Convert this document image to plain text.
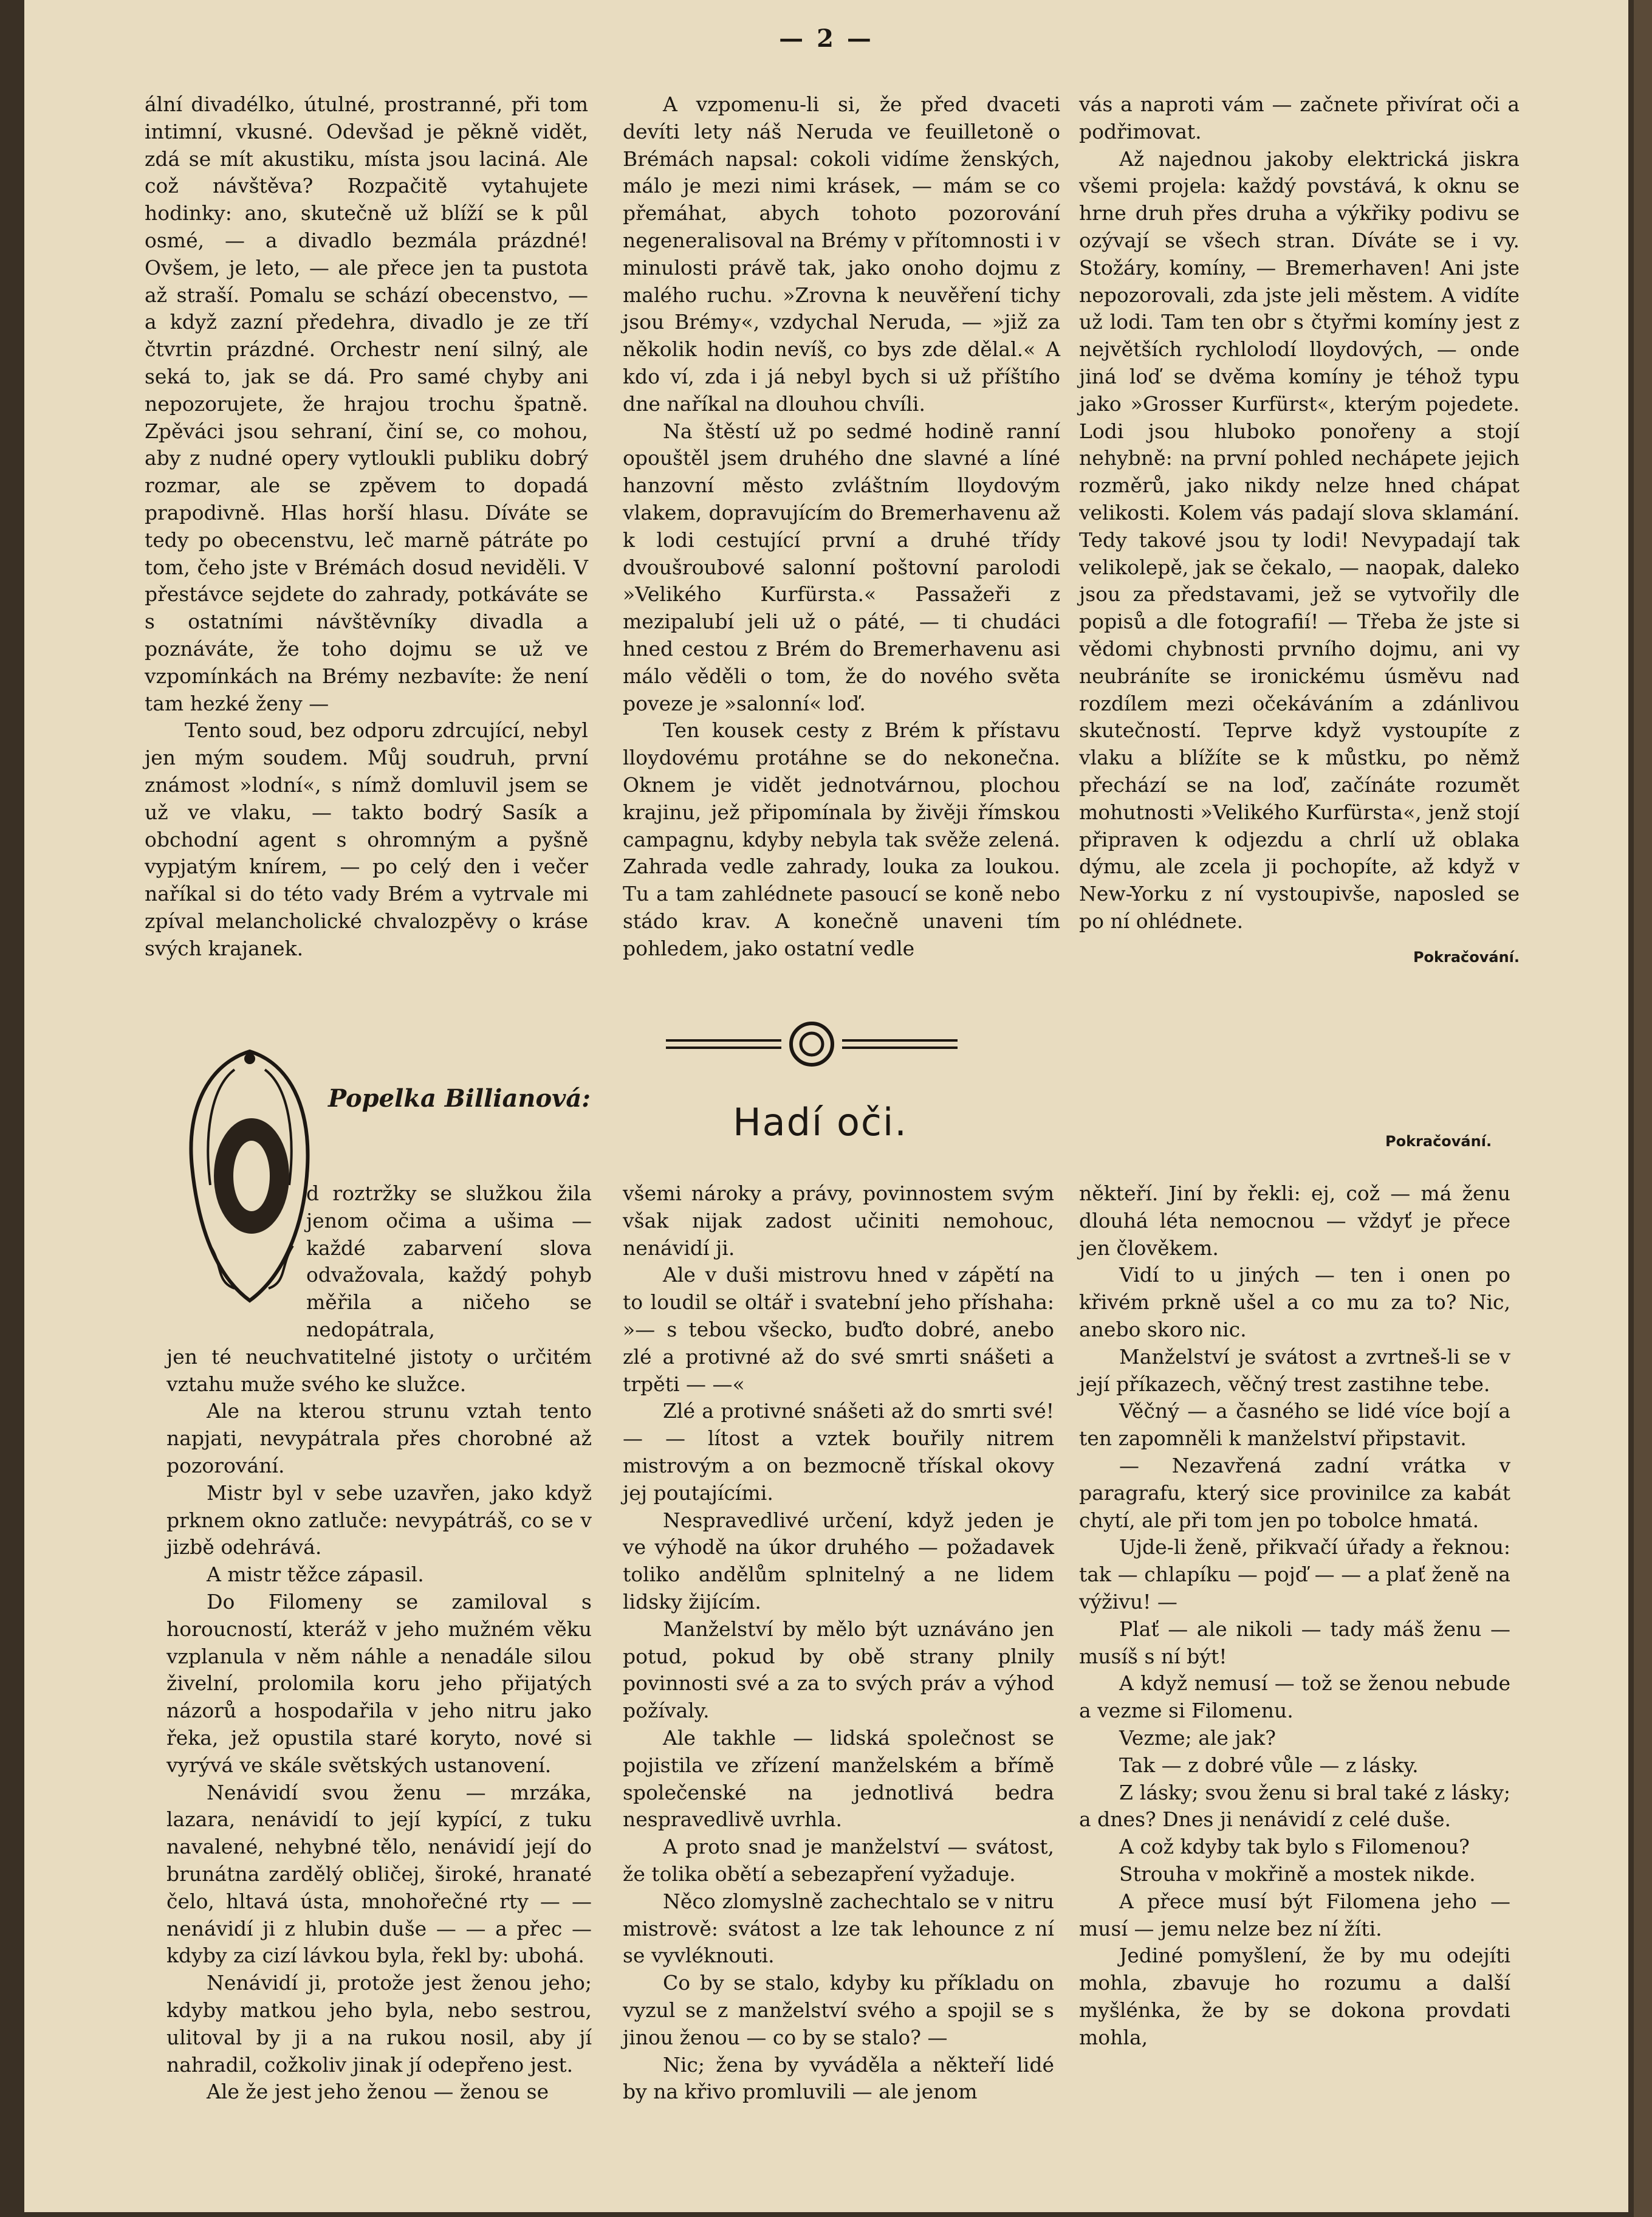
— 2 —

ální divadélko, útulné, prostranné, při tom intimní, vkusné. Odevšad je pěkně vidět, zdá se mít akustiku, místa jsou laciná. Ale což návštěva? Rozpačitě vytahujete hodinky: ano, skutečně už blíží se k půl osmé, — a divadlo bezmála prázdné! Ovšem, je leto, — ale přece jen ta pustota až straší. Pomalu se schází obecenstvo, — a když zazní předehra, divadlo je ze tří čtvrtin prázdné. Orchestr není silný, ale seká to, jak se dá. Pro samé chyby ani nepozorujete, že hrajou trochu špatně. Zpěváci jsou sehraní, činí se, co mohou, aby z nudné opery vytloukli publiku dobrý rozmar, ale se zpěvem to dopadá prapodivně. Hlas horší hlasu. Díváte se tedy po obecenstvu, leč marně pátráte po tom, čeho jste v Brémách dosud neviděli. V přestávce sejdete do zahrady, potkáváte se s ostatními návštěvníky divadla a poznáváte, že toho dojmu se už ve vzpomínkách na Brémy nezbavíte: že není tam hezké ženy —

Tento soud, bez odporu zdrcující, nebyl jen mým soudem. Můj soudruh, první známost »lodní«, s nímž domluvil jsem se už ve vlaku, — takto bodrý Sasík a obchodní agent s ohromným a pyšně vypjatým knírem, — po celý den i večer naříkal si do této vady Brém a vytrvale mi zpíval melancholické chvalozpěvy o kráse svých krajanek.

A vzpomenu-li si, že před dvaceti devíti lety náš Neruda ve feuilletoně o Brémách napsal: cokoli vidíme ženských, málo je mezi nimi krásek, — mám se co přemáhat, abych tohoto pozorování negeneralisoval na Brémy v přítomnosti i v minulosti právě tak, jako onoho dojmu z malého ruchu. »Zrovna k neuvěření tichy jsou Brémy«, vzdychal Neruda, — »již za několik hodin nevíš, co bys zde dělal.« A kdo ví, zda i já nebyl bych si už příštího dne naříkal na dlouhou chvíli.

Na štěstí už po sedmé hodině ranní opouštěl jsem druhého dne slavné a líné hanzovní město zvláštním lloydovým vlakem, dopravujícím do Bremerhavenu až k lodi cestující první a druhé třídy dvoušroubové salonní poštovní parolodi »Velikého Kurfürsta.« Passažeři z mezipalubí jeli už o páté, — ti chudáci hned cestou z Brém do Bremerhavenu asi málo věděli o tom, že do nového světa poveze je »salonní« loď.

Ten kousek cesty z Brém k přístavu lloydovému protáhne se do nekonečna. Oknem je vidět jednotvárnou, plochou krajinu, jež připomínala by živěji římskou campagnu, kdyby nebyla tak svěže zelená. Zahrada vedle zahrady, louka za loukou. Tu a tam zahlédnete pasoucí se koně nebo stádo krav. A konečně unaveni tím pohledem, jako ostatní vedle

vás a naproti vám — začnete přivírat oči a podřimovat.

Až najednou jakoby elektrická jiskra všemi projela: každý povstává, k oknu se hrne druh přes druha a výkřiky podivu se ozývají se všech stran. Díváte se i vy. Stožáry, komíny, — Bremerhaven! Ani jste nepozorovali, zda jste jeli městem. A vidíte už lodi. Tam ten obr s čtyřmi komíny jest z největších rychlolodí lloydových, — onde jiná loď se dvěma komíny je téhož typu jako »Grosser Kurfürst«, kterým pojedete. Lodi jsou hluboko ponořeny a stojí nehybně: na první pohled nechápete jejich rozměrů, jako nikdy nelze hned chápat velikosti. Kolem vás padají slova sklamání. Tedy takové jsou ty lodi! Nevypadají tak velikolepě, jak se čekalo, — naopak, daleko jsou za představami, jež se vytvořily dle popisů a dle fotografií! — Třeba že jste si vědomi chybnosti prvního dojmu, ani vy neubráníte se ironickému úsměvu nad rozdílem mezi očekáváním a zdánlivou skutečností. Teprve když vystoupíte z vlaku a blížíte se k můstku, po němž přechází se na loď, začínáte rozumět mohutnosti »Velikého Kurfürsta«, jenž stojí připraven k odjezdu a chrlí už oblaka dýmu, ale zcela ji pochopíte, až když v New-Yorku z ní vystoupivše, naposled se po ní ohlédnete.

Pokračování.
Hadí oči.
Popelka Billianová:
Pokračování.

d roztržky se služkou žila jenom očima a ušima — každé zabarvení slova odvažovala, každý pohyb měřila a ničeho se nedopátrala,

jen té neuchvatitelné jistoty o určitém vztahu muže svého ke služce.

Ale na kterou strunu vztah tento napjati, nevypátrala přes chorobné až pozorování.

Mistr byl v sebe uzavřen, jako když prknem okno zatluče: nevypátráš, co se v jizbě odehrává.

A mistr těžce zápasil.

Do Filomeny se zamiloval s horoucností, kteráž v jeho mužném věku vzplanula v něm náhle a nenadále silou živelní, prolomila koru jeho přijatých názorů a hospodařila v jeho nitru jako řeka, jež opustila staré koryto, nové si vyrývá ve skále světských ustanovení.

Nenávidí svou ženu — mrzáka, lazara, nenávidí to její kypící, z tuku navalené, nehybné tělo, nenávidí její do brunátna zardělý obličej, široké, hranaté čelo, hltavá ústa, mnohořečné rty — — nenávidí ji z hlubin duše — — a přec — kdyby za cizí lávkou byla, řekl by: ubohá.

Nenávidí ji, protože jest ženou jeho; kdyby matkou jeho byla, nebo sestrou, ulitoval by ji a na rukou nosil, aby jí nahradil, cožkoliv jinak jí odepřeno jest.

Ale že jest jeho ženou — ženou se

všemi nároky a právy, povinnostem svým však nijak zadost učiniti nemohouc, nenávidí ji.

Ale v duši mistrovu hned v zápětí na to loudil se oltář i svatební jeho příshaha: »— s tebou všecko, buďto dobré, anebo zlé a protivné až do své smrti snášeti a trpěti — —«

Zlé a protivné snášeti až do smrti své! — — lítost a vztek bouřily nitrem mistrovým a on bezmocně třískal okovy jej poutajícími.

Nespravedlivé určení, když jeden je ve výhodě na úkor druhého — požadavek toliko andělům splnitelný a ne lidem lidsky žijícím.

Manželství by mělo být uznáváno jen potud, pokud by obě strany plnily povinnosti své a za to svých práv a výhod požívaly.

Ale takhle — lidská společnost se pojistila ve zřízení manželském a břímě společenské na jednotlivá bedra nespravedlivě uvrhla.

A proto snad je manželství — svátost, že tolika obětí a sebezapření vyžaduje.

Něco zlomyslně zachechtalo se v nitru mistrově: svátost a lze tak lehounce z ní se vyvléknouti.

Co by se stalo, kdyby ku příkladu on vyzul se z manželství svého a spojil se s jinou ženou — co by se stalo? —

Nic; žena by vyváděla a někteří lidé by na křivo promluvili — ale jenom

někteří. Jiní by řekli: ej, což — má ženu dlouhá léta nemocnou — vždyť je přece jen člověkem.

Vidí to u jiných — ten i onen po křivém prkně ušel a co mu za to? Nic, anebo skoro nic.

Manželství je svátost a zvrtneš-li se v její příkazech, věčný trest zastihne tebe.

Věčný — a časného se lidé více bojí a ten zapomněli k manželství připstavit.

— Nezavřená zadní vrátka v paragrafu, který sice provinilce za kabát chytí, ale při tom jen po tobolce hmatá.

Ujde-li ženě, přikvačí úřady a řeknou: tak — chlapíku — pojď — — a plať ženě na výživu! —

Plať — ale nikoli — tady máš ženu — musíš s ní být!

A když nemusí — tož se ženou nebude a vezme si Filomenu.

Vezme; ale jak?

Tak — z dobré vůle — z lásky.

Z lásky; svou ženu si bral také z lásky; a dnes? Dnes ji nenávidí z celé duše.

A což kdyby tak bylo s Filomenou?

Strouha v mokřině a mostek nikde.

A přece musí být Filomena jeho — musí — jemu nelze bez ní žíti.

Jediné pomyšlení, že by mu odejíti mohla, zbavuje ho rozumu a další myšlénka, že by se dokona provdati mohla,
